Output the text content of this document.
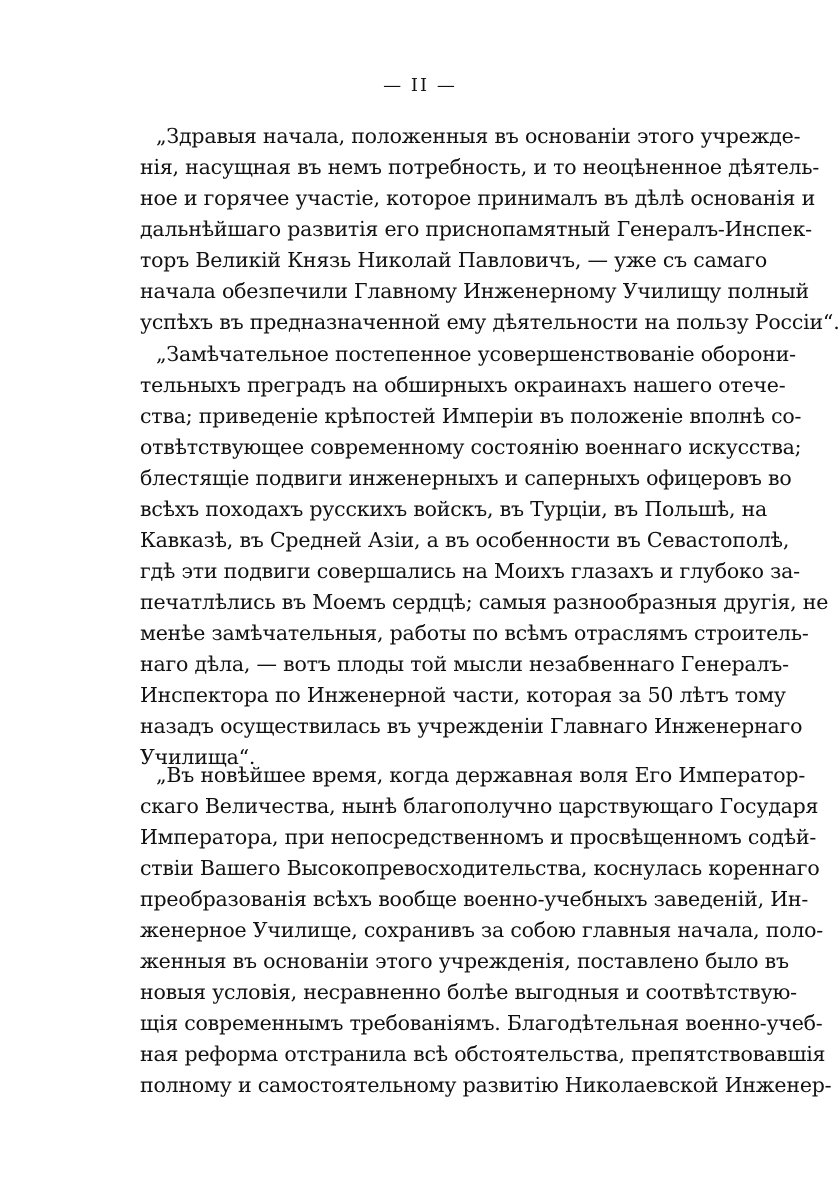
— II —
„Здравыя начала, положенныя въ основаніи этого учрежде-
нія, насущная въ немъ потребность, и то неоцѣненное дѣятель-
ное и горячее участіе, которое принималъ въ дѣлѣ основанія и
дальнѣйшаго развитія его приснопамятный Генералъ-Инспек-
торъ Великій Князь Николай Павловичъ, — уже съ самаго
начала обезпечили Главному Инженерному Училищу полный
успѣхъ въ предназначенной ему дѣятельности на пользу Россіи“.
„Замѣчательное постепенное усовершенствованіе оборони-
тельныхъ преградъ на обширныхъ окраинахъ нашего отече-
ства; приведеніе крѣпостей Имперіи въ положеніе вполнѣ со-
отвѣтствующее современному состоянію военнаго искусства;
блестящіе подвиги инженерныхъ и саперныхъ офицеровъ во
всѣхъ походахъ русскихъ войскъ, въ Турціи, въ Польшѣ, на
Кавказѣ, въ Средней Азіи, а въ особенности въ Севастополѣ,
гдѣ эти подвиги совершались на Моихъ глазахъ и глубоко за-
печатлѣлись въ Моемъ сердцѣ; самыя разнообразныя другія, не
менѣе замѣчательныя, работы по всѣмъ отраслямъ строитель-
наго дѣла, — вотъ плоды той мысли незабвеннаго Генералъ-
Инспектора по Инженерной части, которая за 50 лѣтъ тому
назадъ осуществилась въ учрежденіи Главнаго Инженернаго
Училища“.
„Въ новѣйшее время, когда державная воля Его Император-
скаго Величества, нынѣ благополучно царствующаго Государя
Императора, при непосредственномъ и просвѣщенномъ содѣй-
ствіи Вашего Высокопревосходительства, коснулась кореннаго
преобразованія всѣхъ вообще военно-учебныхъ заведеній, Ин-
женерное Училище, сохранивъ за собою главныя начала, поло-
женныя въ основаніи этого учрежденія, поставлено было въ
новыя условія, несравненно болѣе выгодныя и соотвѣтствую-
щія современнымъ требованіямъ. Благодѣтельная военно-учеб-
ная реформа отстранила всѣ обстоятельства, препятствовавшія
полному и самостоятельному развитію Николаевской Инженер-
